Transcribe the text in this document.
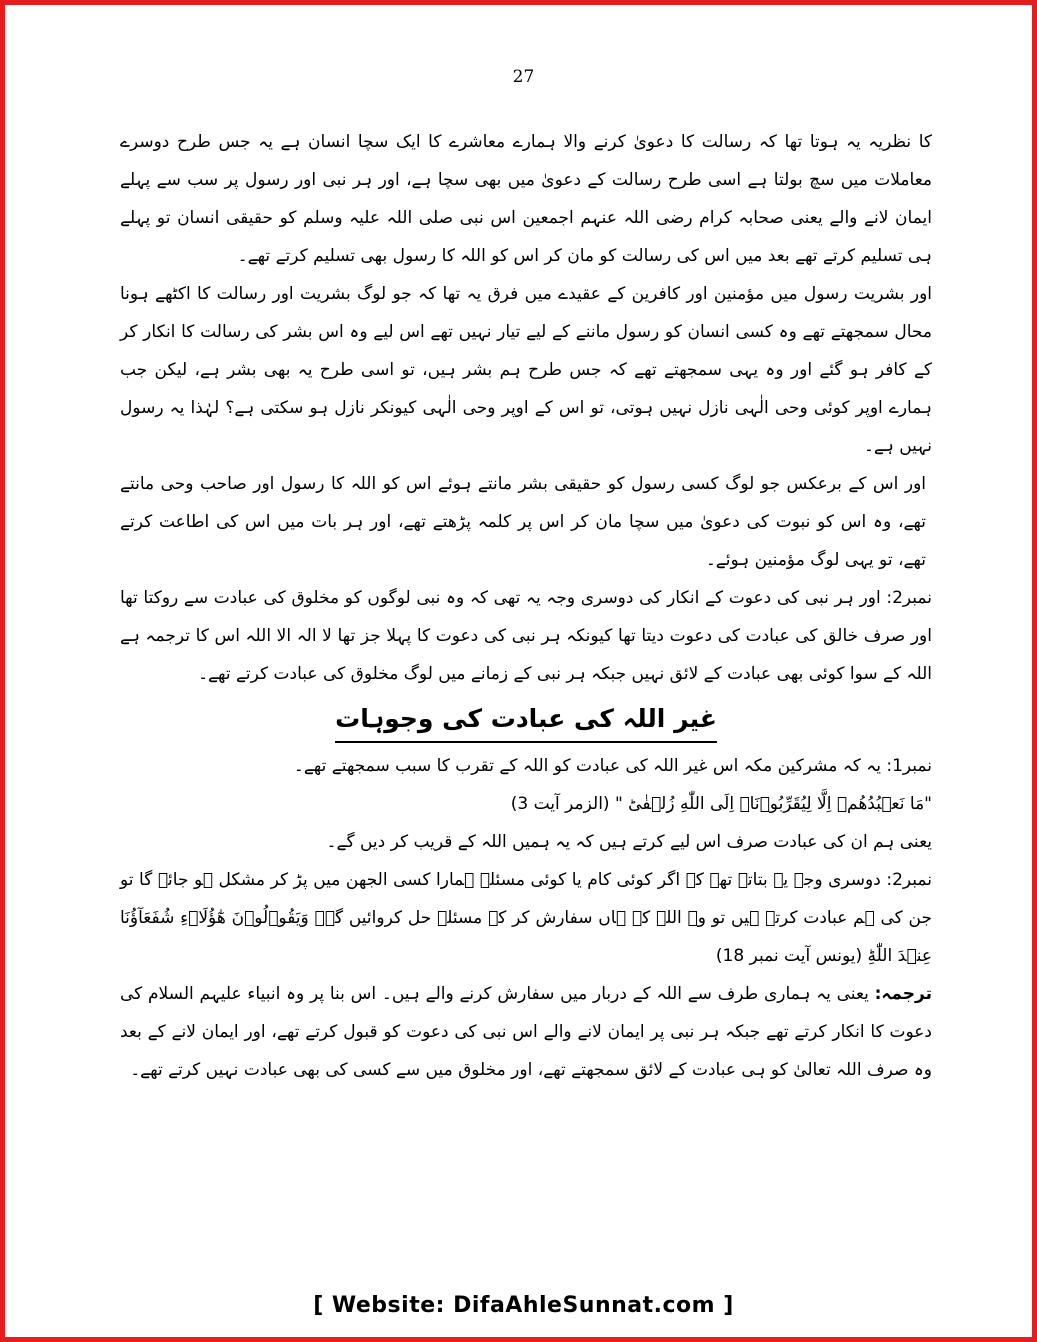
27

کا نظریہ یہ ہوتا تھا کہ رسالت کا دعویٰ کرنے والا ہمارے معاشرے کا ایک سچا انسان ہے یہ جس طرح دوسرے معاملات میں سچ بولتا ہے اسی طرح رسالت کے دعویٰ میں بھی سچا ہے، اور ہر نبی اور رسول پر سب سے پہلے ایمان لانے والے یعنی صحابہ کرام رضی اللہ عنہم اجمعین اس نبی صلی اللہ علیہ وسلم کو حقیقی انسان تو پہلے ہی تسلیم کرتے تھے بعد میں اس کی رسالت کو مان کر اس کو اللہ کا رسول بھی تسلیم کرتے تھے۔

اور بشریت رسول میں مؤمنین اور کافرین کے عقیدے میں فرق یہ تھا کہ جو لوگ بشریت اور رسالت کا اکٹھے ہونا محال سمجھتے تھے وہ کسی انسان کو رسول ماننے کے لیے تیار نہیں تھے اس لیے وہ اس بشر کی رسالت کا انکار کر کے کافر ہو گئے اور وہ یہی سمجھتے تھے کہ جس طرح ہم بشر ہیں، تو اسی طرح یہ بھی بشر ہے، لیکن جب ہمارے اوپر کوئی وحی الٰہی نازل نہیں ہوتی، تو اس کے اوپر وحی الٰہی کیونکر نازل ہو سکتی ہے؟ لہٰذا یہ رسول نہیں ہے۔

اور اس کے برعکس جو لوگ کسی رسول کو حقیقی بشر مانتے ہوئے اس کو اللہ کا رسول اور صاحب وحی مانتے تھے، وہ اس کو نبوت کی دعویٰ میں سچا مان کر اس پر کلمہ پڑھتے تھے، اور ہر بات میں اس کی اطاعت کرتے تھے، تو یہی لوگ مؤمنین ہوئے۔

نمبر2: اور ہر نبی کی دعوت کے انکار کی دوسری وجہ یہ تھی کہ وہ نبی لوگوں کو مخلوق کی عبادت سے روکتا تھا اور صرف خالق کی عبادت کی دعوت دیتا تھا کیونکہ ہر نبی کی دعوت کا پہلا جز تھا لا الہ الا اللہ اس کا ترجمہ ہے اللہ کے سوا کوئی بھی عبادت کے لائق نہیں جبکہ ہر نبی کے زمانے میں لوگ مخلوق کی عبادت کرتے تھے۔

غیر اللہ کی عبادت کی وجوہات

نمبر1: یہ کہ مشرکین مکہ اس غیر اللہ کی عبادت کو اللہ کے تقرب کا سبب سمجھتے تھے۔

"مَا نَعۡبُدُهُمۡ اِلَّا لِيُقَرِّبُوۡنَاۤ اِلَى اللّٰهِ زُلۡفٰىؕ " (الزمر آیت 3)

یعنی ہم ان کی عبادت صرف اس لیے کرتے ہیں کہ یہ ہمیں اللہ کے قریب کر دیں گے۔

نمبر2: دوسری وجہ یہ بتاتے تھے کہ اگر کوئی کام یا کوئی مسئلہ ہمارا کسی الجھن میں پڑ کر مشکل ہو جائے گا تو جن کی ہم عبادت کرتے ہیں تو وہ اللہ کے ہاں سفارش کر کے مسئلہ حل کروائیں گے۔ وَيَقُوۡلُوۡنَ هٰٓؤُلَاۤءِ شُفَعَآؤُنَا عِنۡدَ اللّٰهِؕ (یونس آیت نمبر 18)

ترجمہ: یعنی یہ ہماری طرف سے اللہ کے دربار میں سفارش کرنے والے ہیں۔ اس بنا پر وہ انبیاء علیہم السلام کی دعوت کا انکار کرتے تھے جبکہ ہر نبی پر ایمان لانے والے اس نبی کی دعوت کو قبول کرتے تھے، اور ایمان لانے کے بعد وہ صرف اللہ تعالیٰ کو ہی عبادت کے لائق سمجھتے تھے، اور مخلوق میں سے کسی کی بھی عبادت نہیں کرتے تھے۔

[ Website: DifaAhleSunnat.com ]
